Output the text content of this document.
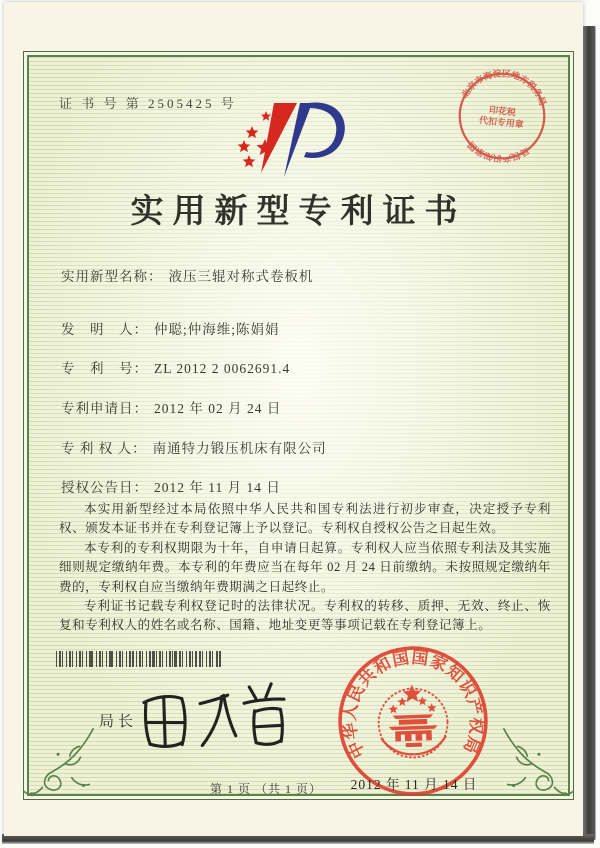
证 书 号 第 2505425 号
北京市海淀区地方税务局
局权产识知家国
印花税
代扣专用章
实用新型专利证书
实用新型名称： 液压三辊对称式卷板机
发　明　人： 仲聪;仲海维;陈娟娟
专　利　号： ZL 2012 2 0062691.4
专利申请日： 2012 年 02 月 24 日
专 利 权 人： 南通特力锻压机床有限公司
授权公告日： 2012 年 11 月 14 日

本实用新型经过本局依照中华人民共和国专利法进行初步审查，决定授予专利权、颁发本证书并在专利登记簿上予以登记。专利权自授权公告之日起生效。

本专利的专利权期限为十年，自申请日起算。专利权人应当依照专利法及其实施细则规定缴纳年费。本专利的年费应当在每年 02 月 24 日前缴纳。未按照规定缴纳年费的，专利权自应当缴纳年费期满之日起终止。

专利证书记载专利权登记时的法律状况。专利权的转移、质押、无效、终止、恢复和专利权人的姓名或名称、国籍、地址变更等事项记载在专利登记簿上。

局长
中华人民共和国国家知识产权局
2012 年 11 月 14 日
第 1 页 （共 1 页）
